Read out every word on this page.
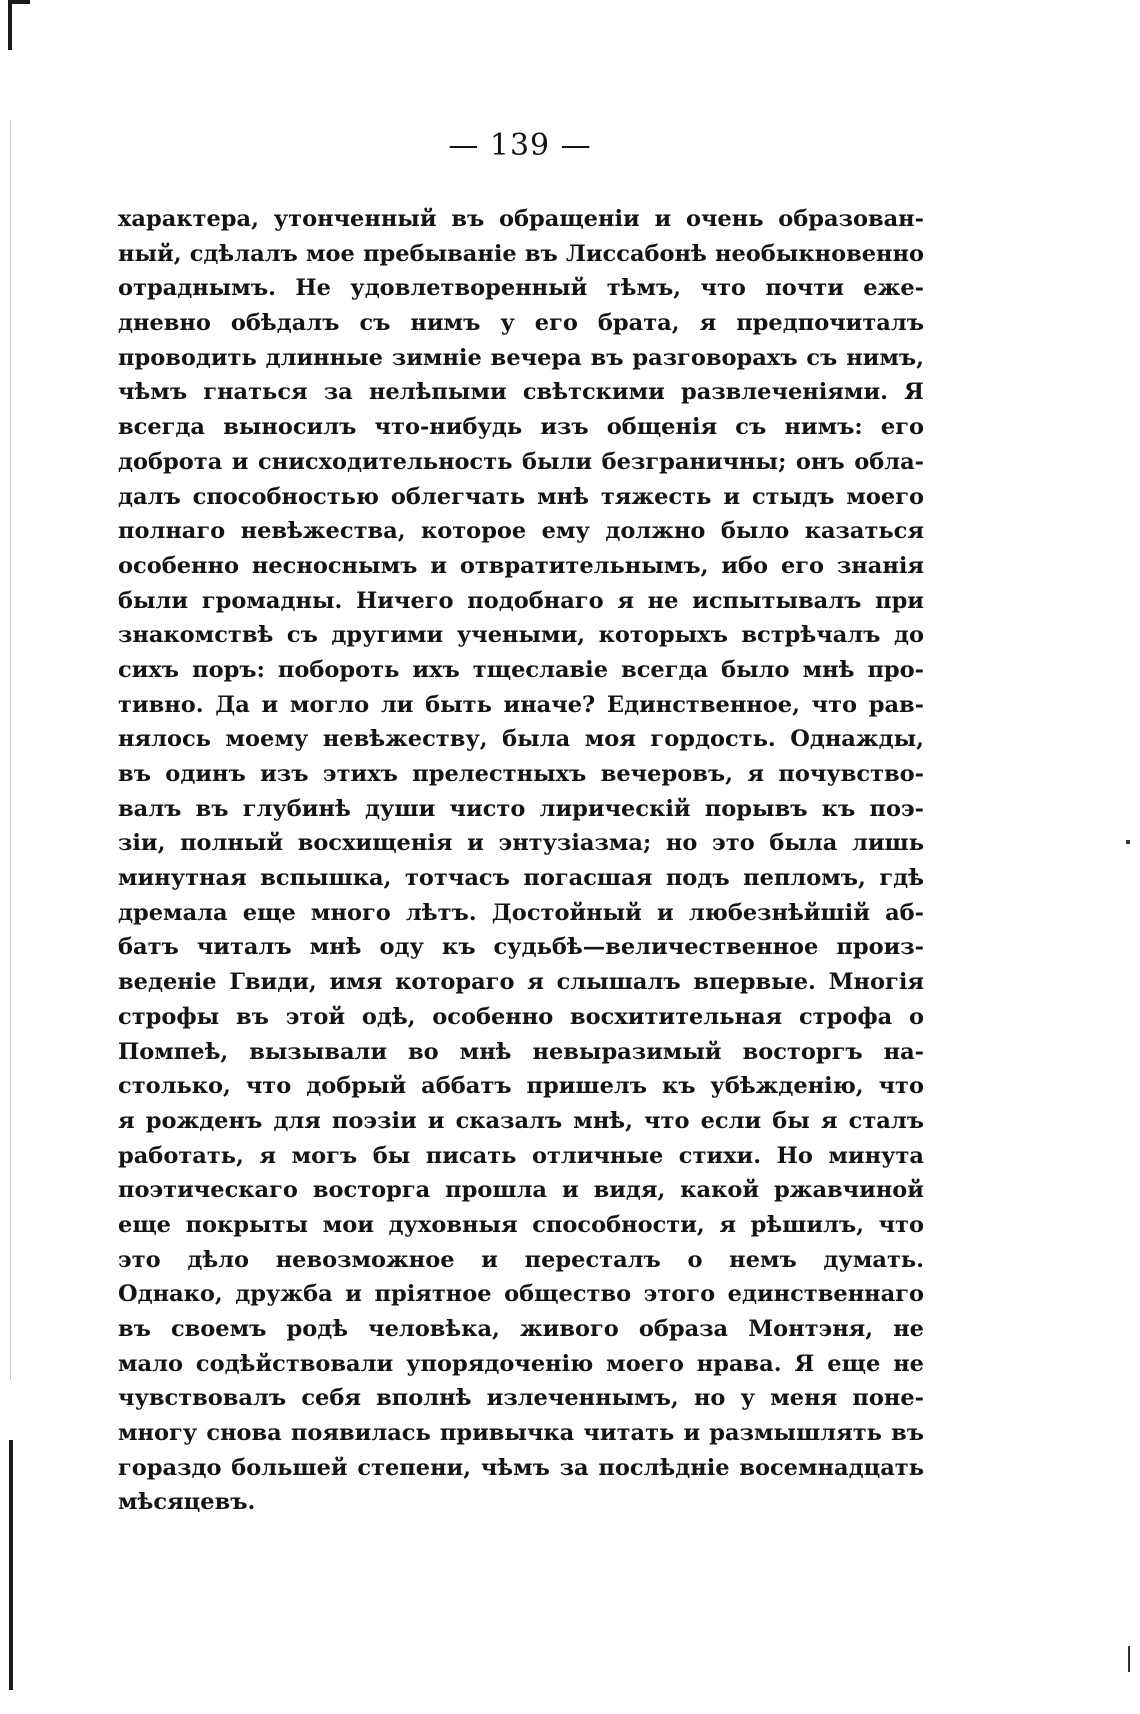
— 139 —
характера, утонченный въ обращеніи и очень образован-
ный, сдѣлалъ мое пребываніе въ Лиссабонѣ необыкновенно
отраднымъ. Не удовлетворенный тѣмъ, что почти еже-
дневно обѣдалъ съ нимъ у его брата, я предпочиталъ
проводить длинные зимніе вечера въ разговорахъ съ нимъ,
чѣмъ гнаться за нелѣпыми свѣтскими развлеченіями. Я
всегда выносилъ что-нибудь изъ общенія съ нимъ: его
доброта и снисходительность были безграничны; онъ обла-
далъ способностью облегчать мнѣ тяжесть и стыдъ моего
полнаго невѣжества, которое ему должно было казаться
особенно несноснымъ и отвратительнымъ, ибо его знанія
были громадны. Ничего подобнаго я не испытывалъ при
знакомствѣ съ другими учеными, которыхъ встрѣчалъ до
сихъ поръ: побороть ихъ тщеславіе всегда было мнѣ про-
тивно. Да и могло ли быть иначе? Единственное, что рав-
нялось моему невѣжеству, была моя гордость. Однажды,
въ одинъ изъ этихъ прелестныхъ вечеровъ, я почувство-
валъ въ глубинѣ души чисто лирическій порывъ къ поэ-
зіи, полный восхищенія и энтузіазма; но это была лишь
минутная вспышка, тотчасъ погасшая подъ пепломъ, гдѣ
дремала еще много лѣтъ. Достойный и любезнѣйшій аб-
батъ читалъ мнѣ оду къ судьбѣ—величественное произ-
веденіе Гвиди, имя котораго я слышалъ впервые. Многія
строфы въ этой одѣ, особенно восхитительная строфа о
Помпеѣ, вызывали во мнѣ невыразимый восторгъ на-
столько, что добрый аббатъ пришелъ къ убѣжденію, что
я рожденъ для поэзіи и сказалъ мнѣ, что если бы я сталъ
работать, я могъ бы писать отличные стихи. Но минута
поэтическаго восторга прошла и видя, какой ржавчиной
еще покрыты мои духовныя способности, я рѣшилъ, что
это дѣло невозможное и пересталъ о немъ думать.
Однако, дружба и пріятное общество этого единственнаго
въ своемъ родѣ человѣка, живого образа Монтэня, не
мало содѣйствовали упорядоченію моего нрава. Я еще не
чувствовалъ себя вполнѣ излеченнымъ, но у меня поне-
многу снова появилась привычка читать и размышлять въ
гораздо большей степени, чѣмъ за послѣдніе восемнадцать
мѣсяцевъ.
